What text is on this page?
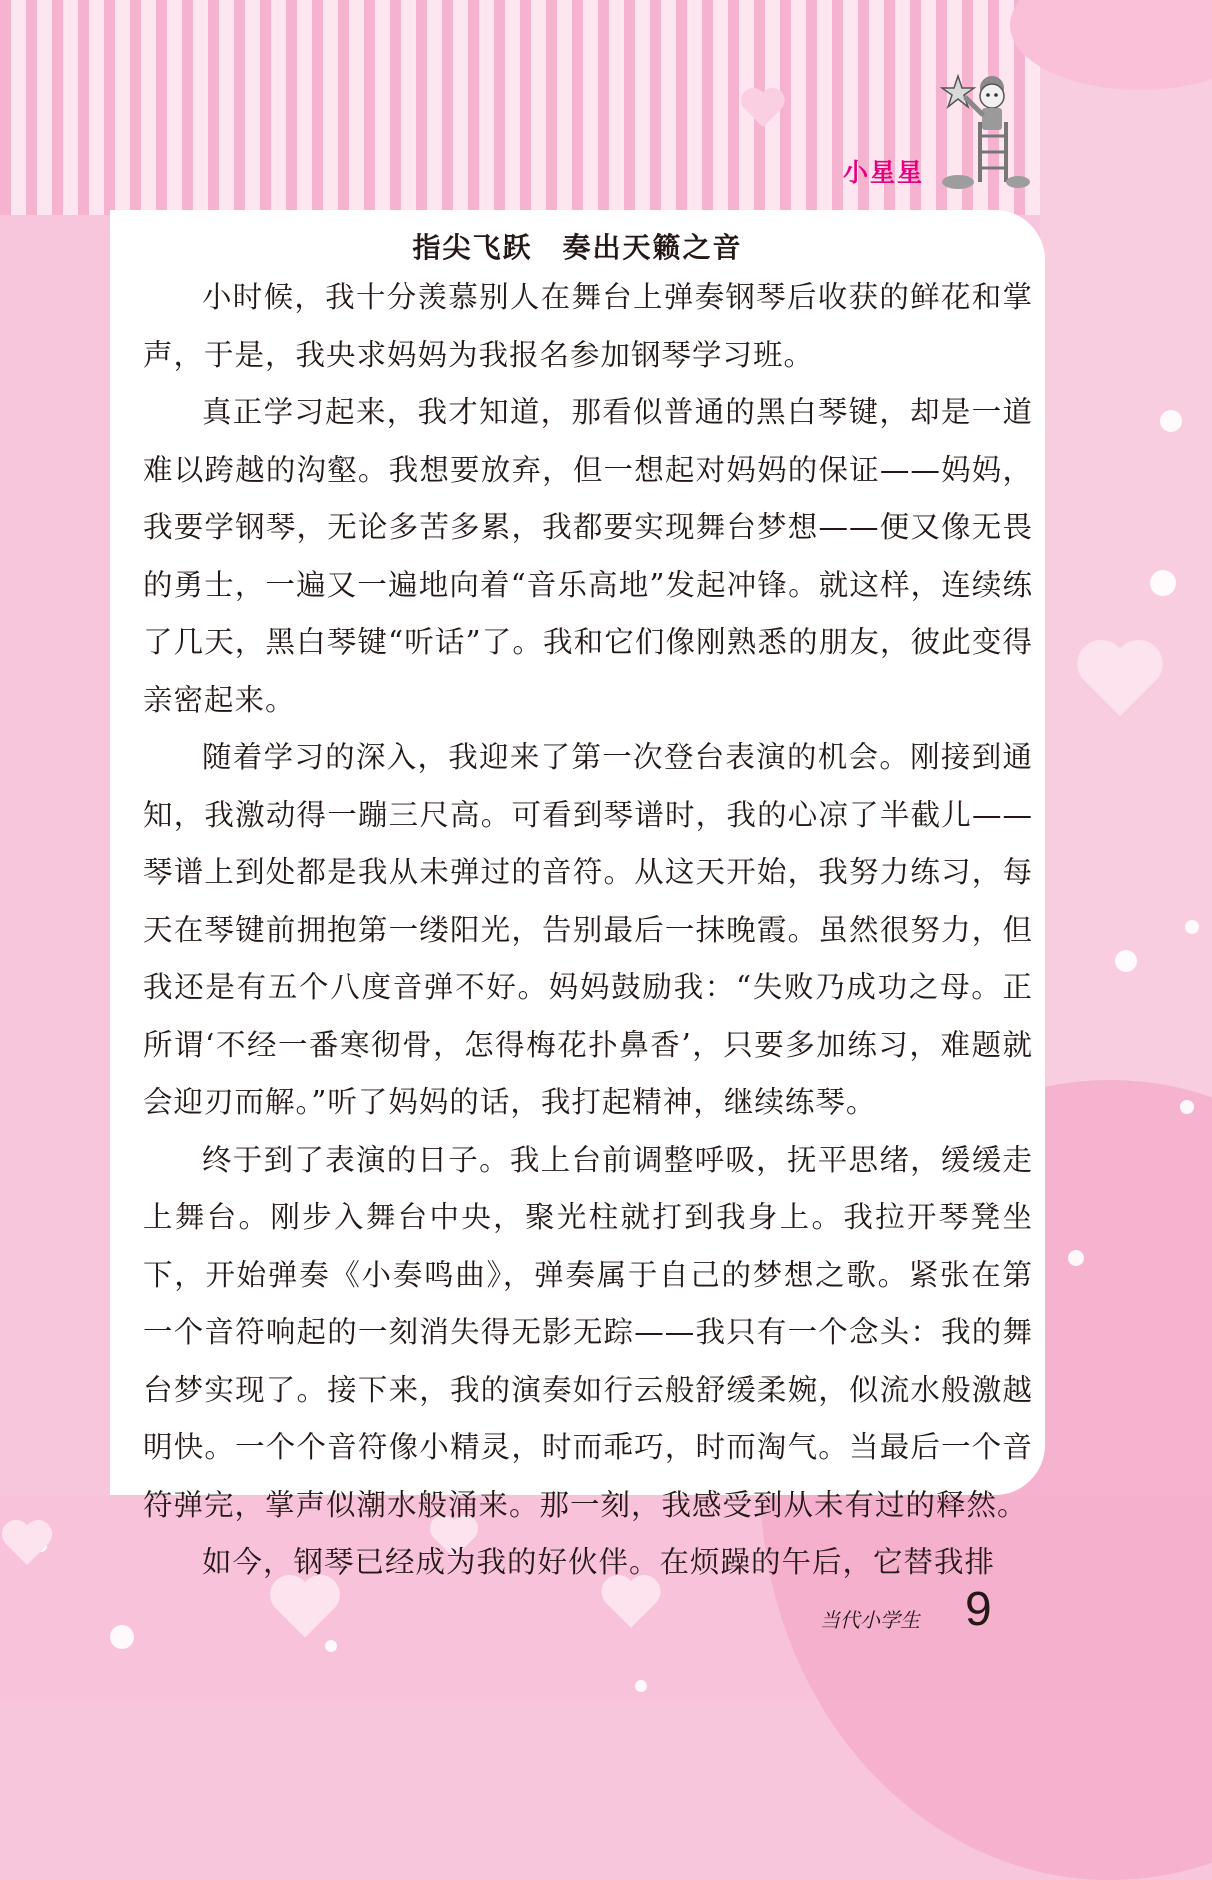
小星星
指尖飞跃　奏出天籁之音

小时候，我十分羡慕别人在舞台上弹奏钢琴后收获的鲜花和掌声，于是，我央求妈妈为我报名参加钢琴学习班。

真正学习起来，我才知道，那看似普通的黑白琴键，却是一道难以跨越的沟壑。我想要放弃，但一想起对妈妈的保证——妈妈，我要学钢琴，无论多苦多累，我都要实现舞台梦想——便又像无畏的勇士，一遍又一遍地向着“音乐高地”发起冲锋。就这样，连续练了几天，黑白琴键“听话”了。我和它们像刚熟悉的朋友，彼此变得亲密起来。

随着学习的深入，我迎来了第一次登台表演的机会。刚接到通知，我激动得一蹦三尺高。可看到琴谱时，我的心凉了半截儿——琴谱上到处都是我从未弹过的音符。从这天开始，我努力练习，每天在琴键前拥抱第一缕阳光，告别最后一抹晚霞。虽然很努力，但我还是有五个八度音弹不好。妈妈鼓励我：“失败乃成功之母。正所谓‘不经一番寒彻骨，怎得梅花扑鼻香’，只要多加练习，难题就会迎刃而解。”听了妈妈的话，我打起精神，继续练琴。

终于到了表演的日子。我上台前调整呼吸，抚平思绪，缓缓走上舞台。刚步入舞台中央，聚光柱就打到我身上。我拉开琴凳坐下，开始弹奏《小奏鸣曲》，弹奏属于自己的梦想之歌。紧张在第一个音符响起的一刻消失得无影无踪——我只有一个念头：我的舞台梦实现了。接下来，我的演奏如行云般舒缓柔婉，似流水般激越明快。一个个音符像小精灵，时而乖巧，时而淘气。当最后一个音符弹完，掌声似潮水般涌来。那一刻，我感受到从未有过的释然。

如今，钢琴已经成为我的好伙伴。在烦躁的午后，它替我排

当代小学生 9
